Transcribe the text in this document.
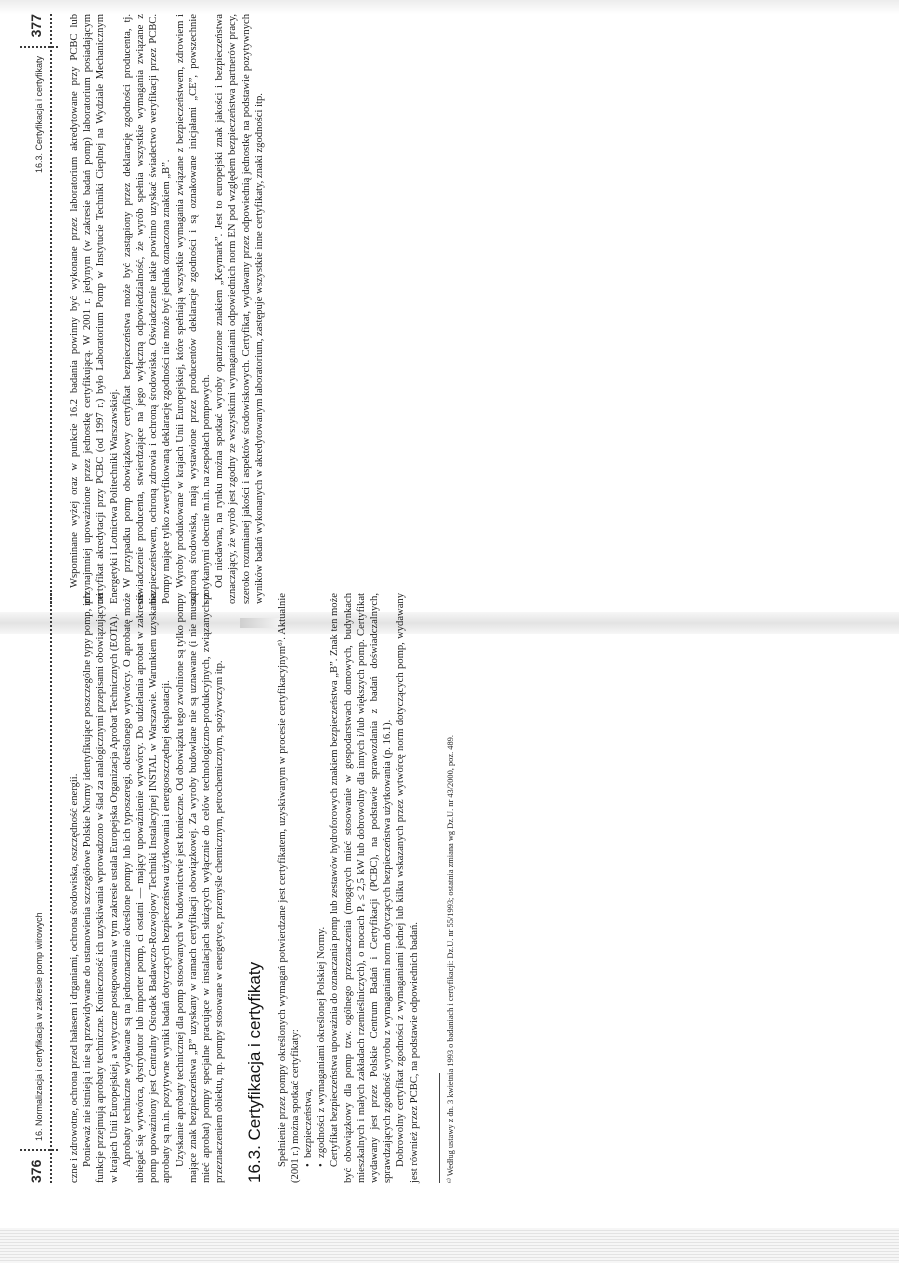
376
16. Normalizacja i certyfikacja w zakresie pomp wirowych czne i zdrowotne, ochrona przed hałasem i drganiami, ochrona środowiska, oszczędność energii. Ponieważ nie istnieją i nie są przewidywane do ustanowienia szczegółowe Polskie Normy identyfikujące poszczególne typy pomp, ich funkcje przejmują aprobaty techniczne. Konieczność ich uzyskiwania wprowadzono w ślad za analogicznymi przepisami obowiązującymi w krajach Unii Europejskiej, a wytyczne postępowania w tym zakresie ustala Europejska Organizacja Aprobat Technicznych (EOTA). Aprobaty techniczne wydawane są na jednoznacznie określone pompy lub ich typoszeregi, określonego wytwórcy. O aprobatę może ubiegać się wytwórca, dystrybutor lub importer pomp, ci ostatni — mający upoważnienie wytwórcy. Do udzielania aprobat w zakresie pomp upoważniony jest Centralny Ośrodek Badawczo-Rozwojowy Techniki Instalacyjnej INSTAL w Warszawie. Warunkiem uzyskania aprobaty są m.in. pozytywne wyniki badań dotyczących bezpieczeństwa użytkowania i energooszczędnej eksploatacji. Uzyskanie aprobaty technicznej dla pomp stosowanych w budownictwie jest konieczne. Od obowiązku tego zwolnione są tylko pompy mające znak bezpieczeństwa „B” uzyskany w ramach certyfikacji obowiązkowej. Za wyroby budowlane nie są uznawane (i nie muszą mieć aprobat) pompy specjalne pracujące w instalacjach służących wyłącznie do celów technologiczno-produkcyjnych, związanych z przeznaczeniem obiektu, np. pompy stosowane w energetyce, przemyśle chemicznym, petrochemicznym, spożywczym itp. 16.3. Certyfikacja i certyfikaty Spełnienie przez pompy określonych wymagań potwierdzane jest certyfikatem, uzyskiwanym w procesie certyfikacyjnym⁶⁾. Aktualnie (2001 r.) można spotkać certyfikaty: •  bezpieczeństwa, •  zgodności z wymaganiami określonej Polskiej Normy. Certyfikat bezpieczeństwa upoważnia do oznaczania pomp lub zestawów hydroforowych znakiem bezpieczeństwa „B”. Znak ten może być obowiązkowy dla pomp tzw. ogólnego przeznaczenia (mogących mieć stosowanie w gospodarstwach domowych, budynkach mieszkalnych i małych zakładach rzemieślniczych), o mocach Pₑ ≤ 2,5 kW lub dobrowolny dla innych i/lub większych pomp. Certyfikat wydawany jest przez Polskie Centrum Badań i Certyfikacji (PCBC), na podstawie sprawozdania z badań doświadczalnych, sprawdzających zgodność wyrobu z wymaganiami norm dotyczących bezpieczeństwa użytkowania (p. 16.1). Dobrowolny certyfikat zgodności z wymaganiami jednej lub kilku wskazanych przez wytwórcę norm dotyczących pomp, wydawany jest również przez PCBC, na podstawie odpowiednich badań.	⁶⁾ Według ustawy z dn. 3 kwietnia 1993 o badaniach i certyfikacji: Dz.U. nr 55/1993; ostatnia zmiana wg Dz.U. nr 43/2000, poz. 489.
377
16.3. Certyfikacja i certyfikaty Wspominane wyżej oraz w punkcie 16.2 badania powinny być wykonane przez laboratorium akredytowane przy PCBC lub przynajmniej upoważnione przez jednostkę certyfikującą. W 2001 r. jedynym (w zakresie badań pomp) laboratorium posiadającym certyfikat akredytacji przy PCBC (od 1997 r.) było Laboratorium Pomp w Instytucie Techniki Cieplnej na Wydziale Mechanicznym Energetyki i Lotnictwa Politechniki Warszawskiej. W przypadku pomp obowiązkowy certyfikat bezpieczeństwa może być zastąpiony przez deklarację zgodności producenta, tj. oświadczenie producenta, stwierdzające na jego wyłączną odpowiedzialność, że wyrób spełnia wszystkie wymagania związane z bezpieczeństwem, ochroną zdrowia i ochroną środowiska. Oświadczenie takie powinno uzyskać świadectwo weryfikacji przez PCBC. Pompy mające tylko zweryfikowaną deklarację zgodności nie może być jednak oznaczona znakiem „B”. Wyroby produkowane w krajach Unii Europejskiej, które spełniają wszystkie wymagania związane z bezpieczeństwem, zdrowiem i ochroną środowiska, mają wystawione przez producentów deklaracje zgodności i są oznakowane inicjałami „CE”, powszechnie spotykanymi obecnie m.in. na zespołach pompowych. Od niedawna, na rynku można spotkać wyroby opatrzone znakiem „Keymark”. Jest to europejski znak jakości i bezpieczeństwa oznaczający, że wyrób jest zgodny ze wszystkimi wymaganiami odpowiednich norm EN pod względem bezpieczeństwa partnerów pracy, szeroko rozumianej jakości i aspektów środowiskowych. Certyfikat, wydawany przez odpowiednią jednostkę na podstawie pozytywnych wyników badań wykonanych w akredytowanym laboratorium, zastępuje wszystkie inne certyfikaty, znaki zgodności itp.
